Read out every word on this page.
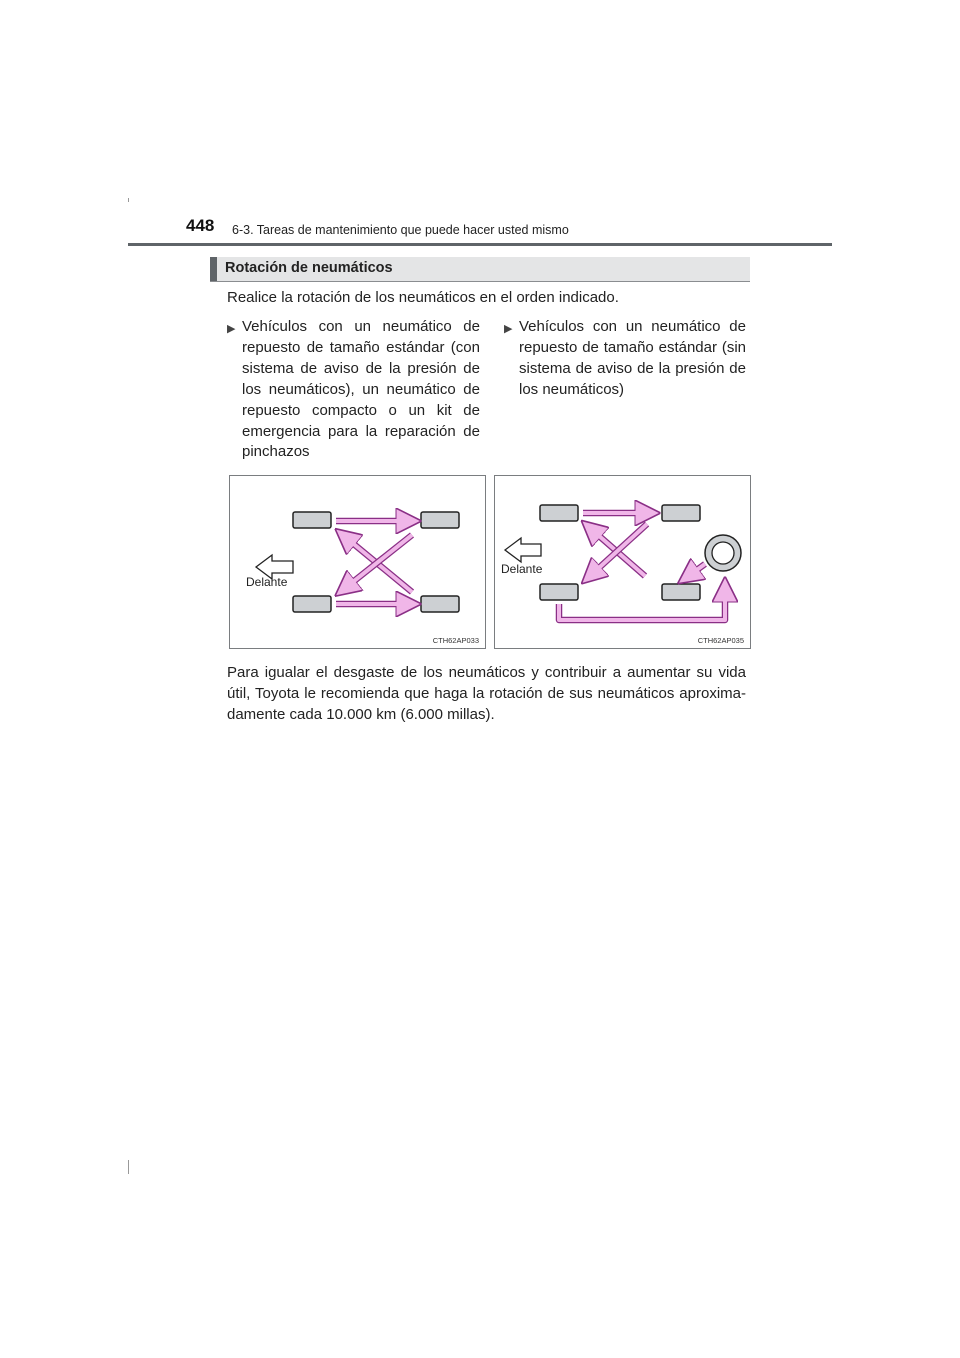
448 6-3. Tareas de mantenimiento que puede hacer usted mismo
Rotación de neumáticos
Realice la rotación de los neumáticos en el orden indicado.
▶ Vehículos con un neumático de repuesto de tamaño estándar (con sistema de aviso de la presión de los neumáticos), un neumático de repuesto compacto o un kit de emergencia para la reparación de pinchazos
▶ Vehículos con un neumático de repuesto de tamaño estándar (sin sistema de aviso de la presión de los neumáticos)
Delante
CTH62AP033
Delante
CTH62AP035
Para igualar el desgaste de los neumáticos y contribuir a aumentar su vida útil, Toyota le recomienda que haga la rotación de sus neumáticos aproxima-damente cada 10.000 km (6.000 millas).
